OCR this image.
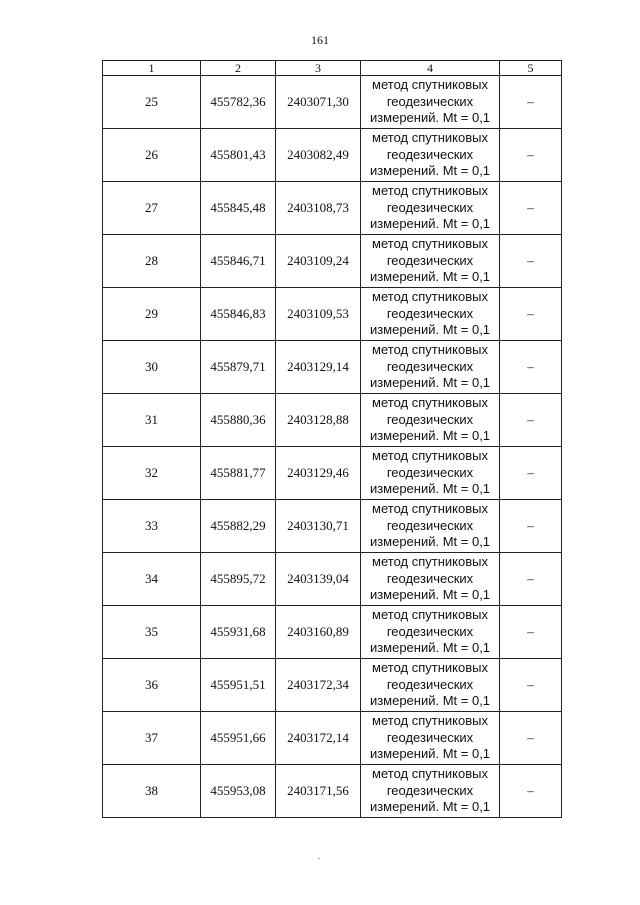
161
1	2	3	4	5
25	455782,36	2403071,30	метод спутниковых
геодезических
измерений. Mt = 0,1	–
26	455801,43	2403082,49	метод спутниковых
геодезических
измерений. Mt = 0,1	–
27	455845,48	2403108,73	метод спутниковых
геодезических
измерений. Mt = 0,1	–
28	455846,71	2403109,24	метод спутниковых
геодезических
измерений. Mt = 0,1	–
29	455846,83	2403109,53	метод спутниковых
геодезических
измерений. Mt = 0,1	–
30	455879,71	2403129,14	метод спутниковых
геодезических
измерений. Mt = 0,1	–
31	455880,36	2403128,88	метод спутниковых
геодезических
измерений. Mt = 0,1	–
32	455881,77	2403129,46	метод спутниковых
геодезических
измерений. Mt = 0,1	–
33	455882,29	2403130,71	метод спутниковых
геодезических
измерений. Mt = 0,1	–
34	455895,72	2403139,04	метод спутниковых
геодезических
измерений. Mt = 0,1	–
35	455931,68	2403160,89	метод спутниковых
геодезических
измерений. Mt = 0,1	–
36	455951,51	2403172,34	метод спутниковых
геодезических
измерений. Mt = 0,1	–
37	455951,66	2403172,14	метод спутниковых
геодезических
измерений. Mt = 0,1	–
38	455953,08	2403171,56	метод спутниковых
геодезических
измерений. Mt = 0,1	–
